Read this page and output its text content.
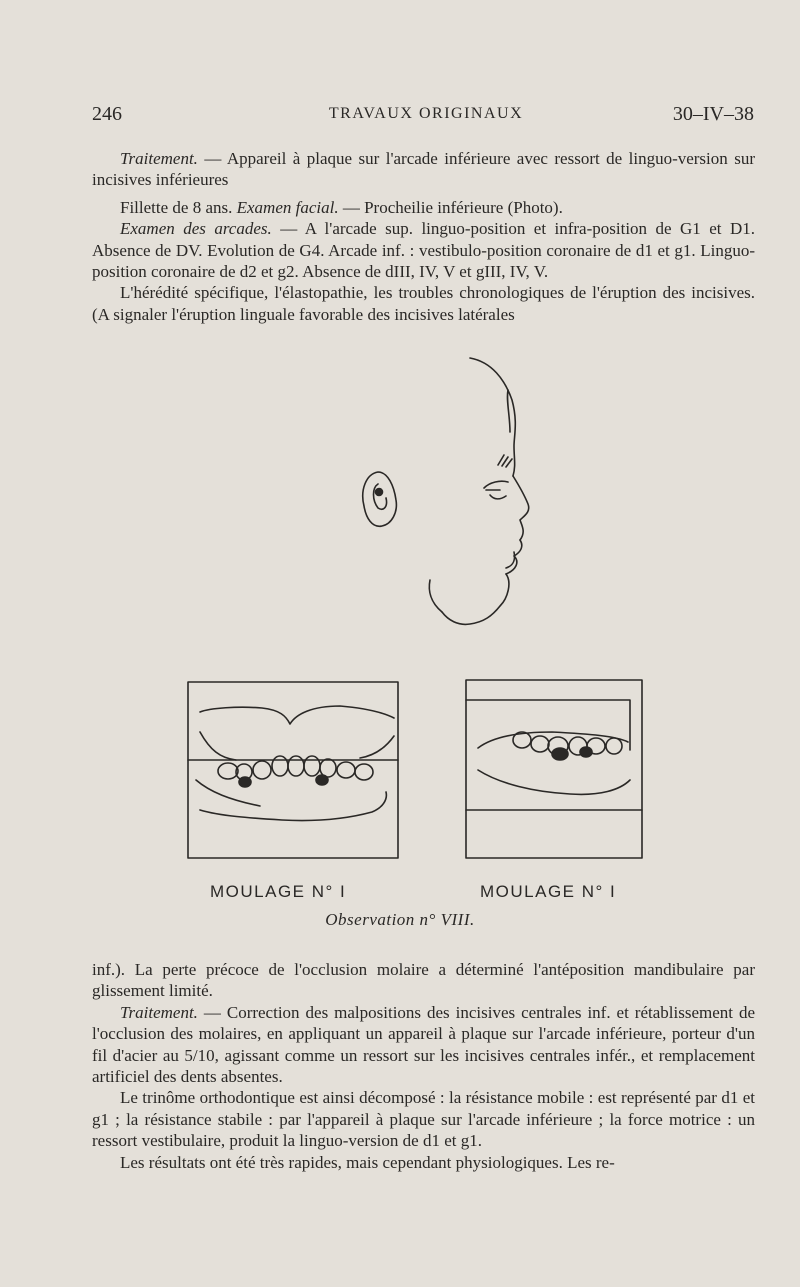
246	TRAVAUX ORIGINAUX	30–IV–38

Traitement. — Appareil à plaque sur l'arcade inférieure avec ressort de linguo-version sur incisives inférieures

Fillette de 8 ans. Examen facial. — Procheilie inférieure (Photo).

Examen des arcades. — A l'arcade sup. linguo-position et infra-position de G1 et D1. Absence de DV. Evolution de G4. Arcade inf. : vestibulo-position coronaire de d1 et g1. Linguo-position coronaire de d2 et g2. Absence de dIII, IV, V et gIII, IV, V.

L'hérédité spécifique, l'élastopathie, les troubles chronologiques de l'éruption des incisives. (A signaler l'éruption linguale favorable des incisives latérales

MOULAGE N° I	MOULAGE N° I
Observation n° VIII.

inf.). La perte précoce de l'occlusion molaire a déterminé l'antéposition mandibulaire par glissement limité.

Traitement. — Correction des malpositions des incisives centrales inf. et rétablissement de l'occlusion des molaires, en appliquant un appareil à plaque sur l'arcade inférieure, porteur d'un fil d'acier au 5/10, agissant comme un ressort sur les incisives centrales infér., et remplacement artificiel des dents absentes.

Le trinôme orthodontique est ainsi décomposé : la résistance mobile : est représenté par d1 et g1 ; la résistance stabile : par l'appareil à plaque sur l'arcade inférieure ; la force motrice : un ressort vestibulaire, produit la linguo-version de d1 et g1.

Les résultats ont été très rapides, mais cependant physiologiques. Les re-
